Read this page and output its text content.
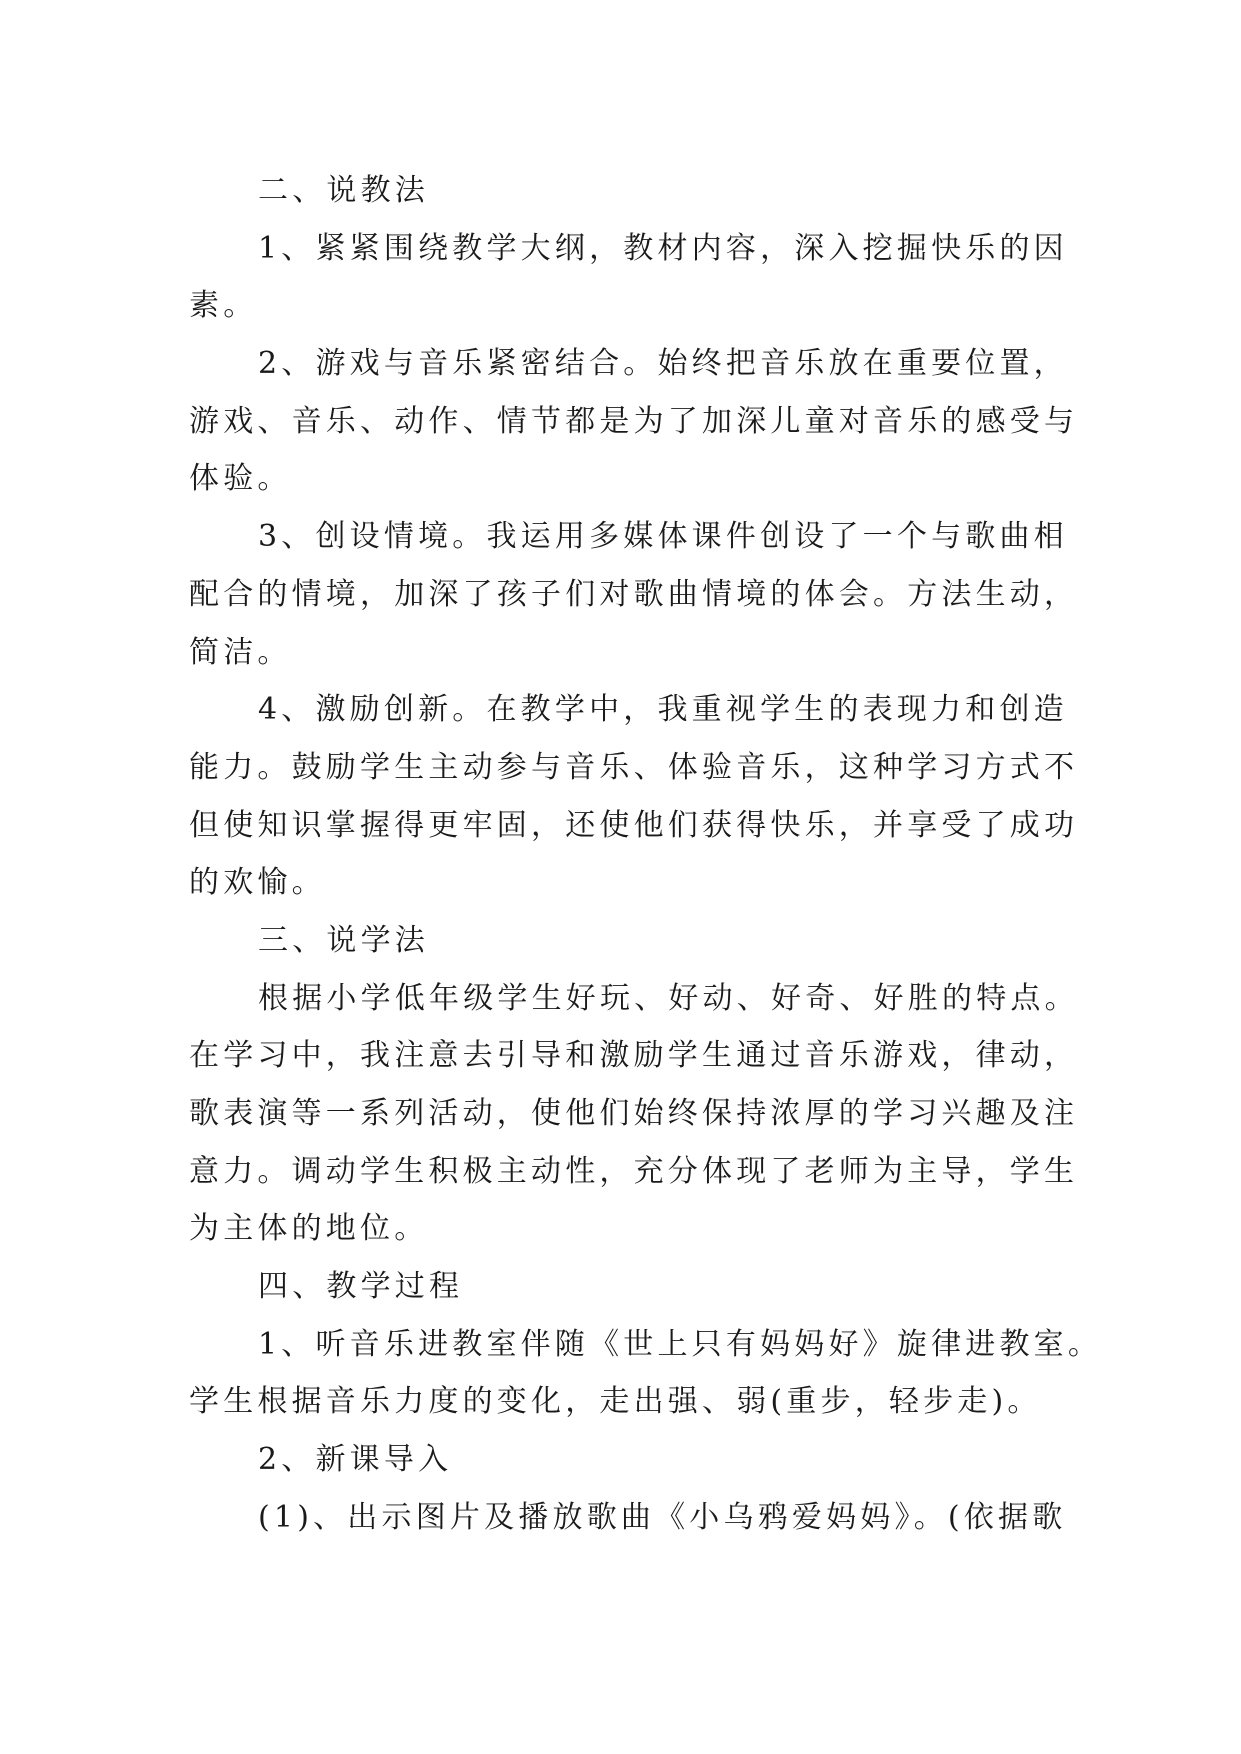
二、说教法
1、紧紧围绕教学大纲，教材内容，深入挖掘快乐的因
素。
2、游戏与音乐紧密结合。始终把音乐放在重要位置，
游戏、音乐、动作、情节都是为了加深儿童对音乐的感受与
体验。
3、创设情境。我运用多媒体课件创设了一个与歌曲相
配合的情境，加深了孩子们对歌曲情境的体会。方法生动，
简洁。
4、激励创新。在教学中，我重视学生的表现力和创造
能力。鼓励学生主动参与音乐、体验音乐，这种学习方式不
但使知识掌握得更牢固，还使他们获得快乐，并享受了成功
的欢愉。
三、说学法
根据小学低年级学生好玩、好动、好奇、好胜的特点。
在学习中，我注意去引导和激励学生通过音乐游戏，律动，
歌表演等一系列活动，使他们始终保持浓厚的学习兴趣及注
意力。调动学生积极主动性，充分体现了老师为主导，学生
为主体的地位。
四、教学过程
1、听音乐进教室伴随《世上只有妈妈好》旋律进教室。
学生根据音乐力度的变化，走出强、弱(重步，轻步走)。
2、新课导入
(1)、出示图片及播放歌曲《小乌鸦爱妈妈》。(依据歌
